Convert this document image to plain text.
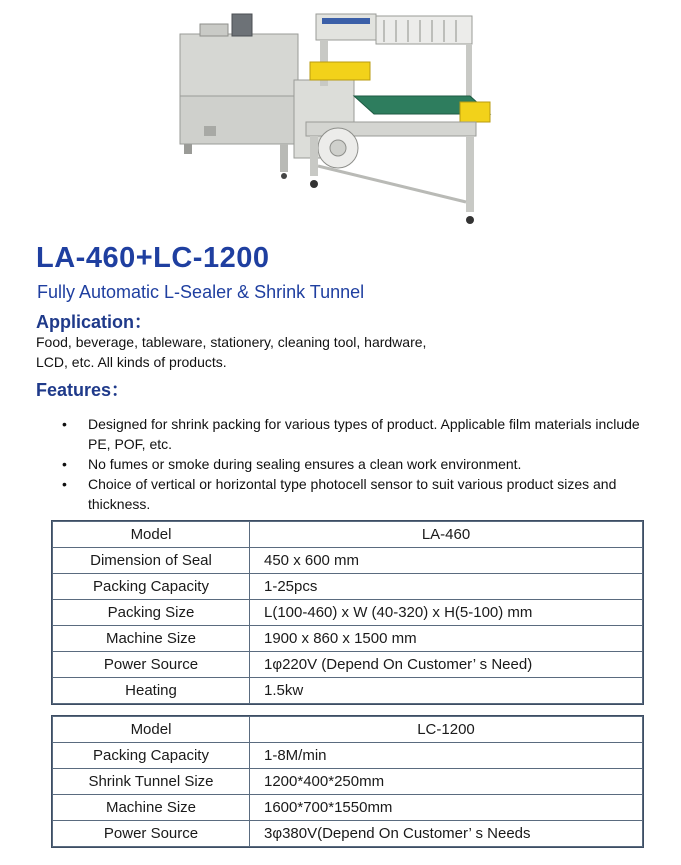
LA-460+LC-1200
Fully Automatic L-Sealer & Shrink Tunnel
Application：
Food, beverage, tableware, stationery, cleaning tool, hardware, LCD, etc. All kinds of products.
Features：
• Designed for shrink packing for various types of product. Applicable film materials include PE, POF, etc.
• No fumes or smoke during sealing ensures a clean work environment.
• Choice of vertical or horizontal type photocell sensor to suit various product sizes and thickness.
Model	LA-460
Dimension of Seal	450 x 600 mm
Packing Capacity	1-25pcs
Packing Size	L(100-460) x W (40-320) x H(5-100) mm
Machine Size	1900 x 860 x 1500 mm
Power Source	1φ220V (Depend On Customer’ s Need)
Heating	1.5kw
Model	LC-1200
Packing Capacity	1-8M/min
Shrink Tunnel Size	1200*400*250mm
Machine Size	1600*700*1550mm
Power Source	3φ380V(Depend On Customer’ s Needs
